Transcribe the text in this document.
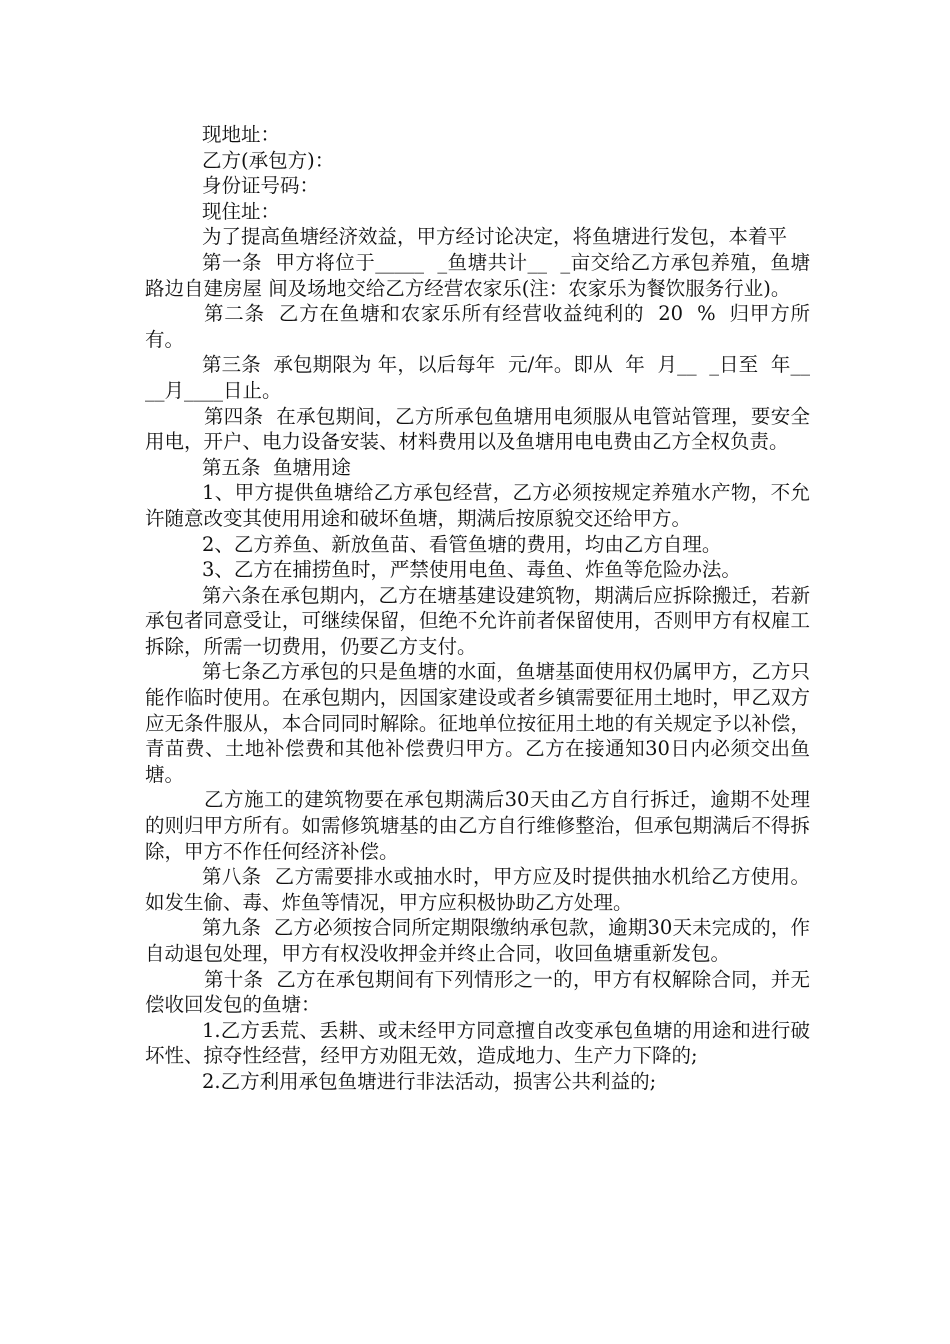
现地址：

乙方(承包方)：

身份证号码：

现住址：

为了提高鱼塘经济效益，甲方经讨论决定，将鱼塘进行发包，本着平

第一条  甲方将位于_____  _鱼塘共计__  _亩交给乙方承包养殖，鱼塘路边自建房屋 间及场地交给乙方经营农家乐(注：农家乐为餐饮服务行业)。

第二条  乙方在鱼塘和农家乐所有经营收益纯利的  20  %  归甲方所有。

第三条  承包期限为 年，以后每年  元/年。即从  年  月__  _日至  年____月____日止。

第四条  在承包期间，乙方所承包鱼塘用电须服从电管站管理，要安全用电，开户、电力设备安装、材料费用以及鱼塘用电电费由乙方全权负责。

第五条  鱼塘用途

1、甲方提供鱼塘给乙方承包经营，乙方必须按规定养殖水产物，不允许随意改变其使用用途和破坏鱼塘，期满后按原貌交还给甲方。

2、乙方养鱼、新放鱼苗、看管鱼塘的费用，均由乙方自理。

3、乙方在捕捞鱼时，严禁使用电鱼、毒鱼、炸鱼等危险办法。

第六条在承包期内，乙方在塘基建设建筑物，期满后应拆除搬迁，若新承包者同意受让，可继续保留，但绝不允许前者保留使用，否则甲方有权雇工拆除，所需一切费用，仍要乙方支付。

第七条乙方承包的只是鱼塘的水面，鱼塘基面使用权仍属甲方，乙方只能作临时使用。在承包期内，因国家建设或者乡镇需要征用土地时，甲乙双方应无条件服从，本合同同时解除。征地单位按征用土地的有关规定予以补偿，青苗费、土地补偿费和其他补偿费归甲方。乙方在接通知30日内必须交出鱼塘。

乙方施工的建筑物要在承包期满后30天由乙方自行拆迁，逾期不处理的则归甲方所有。如需修筑塘基的由乙方自行维修整治，但承包期满后不得拆除，甲方不作任何经济补偿。

第八条  乙方需要排水或抽水时，甲方应及时提供抽水机给乙方使用。如发生偷、毒、炸鱼等情况，甲方应积极协助乙方处理。

第九条  乙方必须按合同所定期限缴纳承包款，逾期30天未完成的，作自动退包处理，甲方有权没收押金并终止合同，收回鱼塘重新发包。

第十条  乙方在承包期间有下列情形之一的，甲方有权解除合同，并无偿收回发包的鱼塘：

1.乙方丢荒、丢耕、或未经甲方同意擅自改变承包鱼塘的用途和进行破坏性、掠夺性经营，经甲方劝阻无效，造成地力、生产力下降的;

2.乙方利用承包鱼塘进行非法活动，损害公共利益的;
